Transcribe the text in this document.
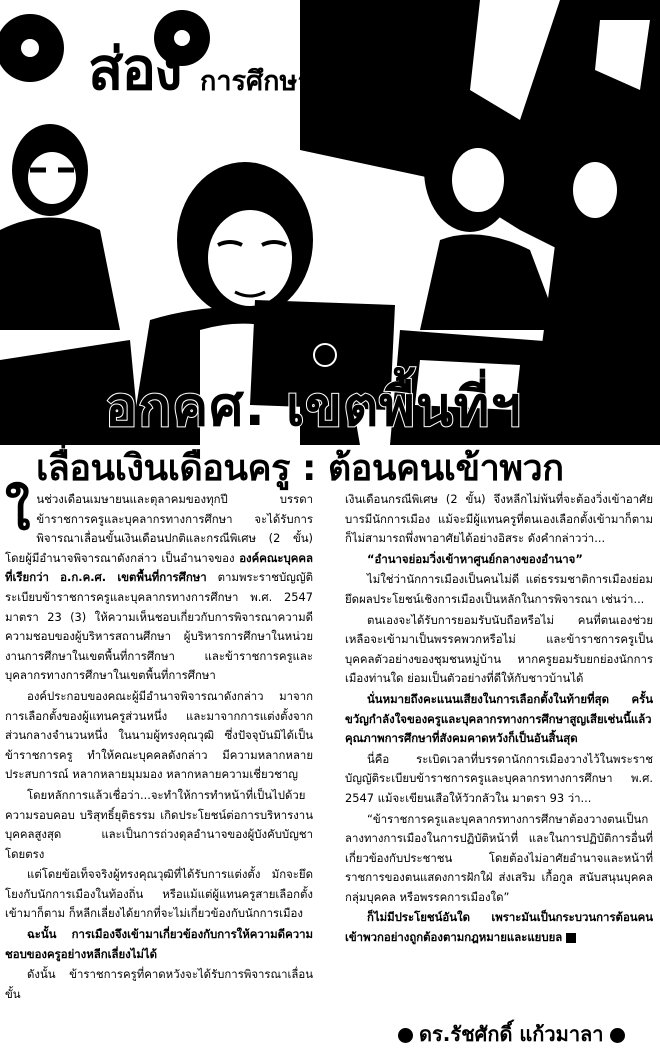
ส่อง การศึกษาไทย
อกคศ. เขตพื้นที่ฯ
เลื่อนเงินเดือนครู : ต้อนคนเข้าพวก

ในช่วงเดือนเมษายนและตุลาคมของทุกปี บรรดาข้าราชการครูและบุคลากรทางการศึกษา จะได้รับการพิจารณาเลื่อนขั้นเงินเดือนปกติและกรณีพิเศษ (2 ขั้น) โดยผู้มีอำนาจพิจารณาดังกล่าว เป็นอำนาจของ องค์คณะบุคคลที่เรียกว่า อ.ก.ค.ศ. เขตพื้นที่การศึกษา ตามพระราชบัญญัติระเบียบข้าราชการครูและบุคลากรทางการศึกษา พ.ศ. 2547 มาตรา 23 (3) ให้ความเห็นชอบเกี่ยวกับการพิจารณาความดีความชอบของผู้บริหารสถานศึกษา ผู้บริหารการศึกษาในหน่วยงานการศึกษาในเขตพื้นที่การศึกษา และข้าราชการครูและบุคลากรทางการศึกษาในเขตพื้นที่การศึกษา

องค์ประกอบของคณะผู้มีอำนาจพิจารณาดังกล่าว มาจากการเลือกตั้งของผู้แทนครูส่วนหนึ่ง และมาจากการแต่งตั้งจากส่วนกลางจำนวนหนึ่ง ในนามผู้ทรงคุณวุฒิ ซึ่งปัจจุบันมิได้เป็นข้าราชการครู ทำให้คณะบุคคลดังกล่าว มีความหลากหลายประสบการณ์ หลากหลายมุมมอง หลากหลายความเชี่ยวชาญ

โดยหลักการแล้วเชื่อว่า...จะทำให้การทำหน้าที่เป็นไปด้วยความรอบคอบ บริสุทธิ์ยุติธรรม เกิดประโยชน์ต่อการบริหารงานบุคคลสูงสุด และเป็นการถ่วงดุลอำนาจของผู้บังคับบัญชาโดยตรง

แต่โดยข้อเท็จจริงผู้ทรงคุณวุฒิที่ได้รับการแต่งตั้ง มักจะยึดโยงกับนักการเมืองในท้องถิ่น หรือแม้แต่ผู้แทนครูสายเลือกตั้งเข้ามาก็ตาม ก็หลีกเลี่ยงได้ยากที่จะไม่เกี่ยวข้องกับนักการเมือง

ฉะนั้น การเมืองจึงเข้ามาเกี่ยวข้องกับการให้ความดีความชอบของครูอย่างหลีกเลี่ยงไม่ได้

ดังนั้น ข้าราชการครูที่คาดหวังจะได้รับการพิจารณาเลื่อนขั้น

เงินเดือนกรณีพิเศษ (2 ขั้น) จึงหลีกไม่พ้นที่จะต้องวิ่งเข้าอาศัยบารมีนักการเมือง แม้จะมีผู้แทนครูที่ตนเองเลือกตั้งเข้ามาก็ตาม ก็ไม่สามารถพึ่งพาอาศัยได้อย่างอิสระ ดังคำกล่าวว่า...

“อำนาจย่อมวิ่งเข้าหาศูนย์กลางของอำนาจ”

ไม่ใช่ว่านักการเมืองเป็นคนไม่ดี แต่ธรรมชาติการเมืองย่อมยึดผลประโยชน์เชิงการเมืองเป็นหลักในการพิจารณา เช่นว่า...

ตนเองจะได้รับการยอมรับนับถือหรือไม่ คนที่ตนเองช่วยเหลือจะเข้ามาเป็นพรรคพวกหรือไม่ และข้าราชการครูเป็นบุคคลตัวอย่างของชุมชนหมู่บ้าน หากครูยอมรับยกย่องนักการเมืองท่านใด ย่อมเป็นตัวอย่างที่ดีให้กับชาวบ้านได้

นั่นหมายถึงคะแนนเสียงในการเลือกตั้งในท้ายที่สุด ครั้นขวัญกำลังใจของครูและบุคลากรทางการศึกษาสูญเสียเช่นนี้แล้ว คุณภาพการศึกษาที่สังคมคาดหวังก็เป็นอันสิ้นสุด

นี่คือ ระเบิดเวลาที่บรรดานักการเมืองวางไว้ในพระราชบัญญัติระเบียบข้าราชการครูและบุคลากรทางการศึกษา พ.ศ. 2547 แม้จะเขียนเสือให้วัวกลัวใน มาตรา 93 ว่า...

“ข้าราชการครูและบุคลากรทางการศึกษาต้องวางตนเป็นกลางทางการเมืองในการปฏิบัติหน้าที่ และในการปฏิบัติการอื่นที่เกี่ยวข้องกับประชาชน โดยต้องไม่อาศัยอำนาจและหน้าที่ราชการของตนแสดงการฝักใฝ่ ส่งเสริม เกื้อกูล สนับสนุนบุคคล กลุ่มบุคคล หรือพรรคการเมืองใด”

ก็ไม่มีประโยชน์อันใด เพราะมันเป็นกระบวนการต้อนคนเข้าพวกอย่างถูกต้องตามกฎหมายและแยบยล

ดร.รัชศักดิ์ แก้วมาลา
